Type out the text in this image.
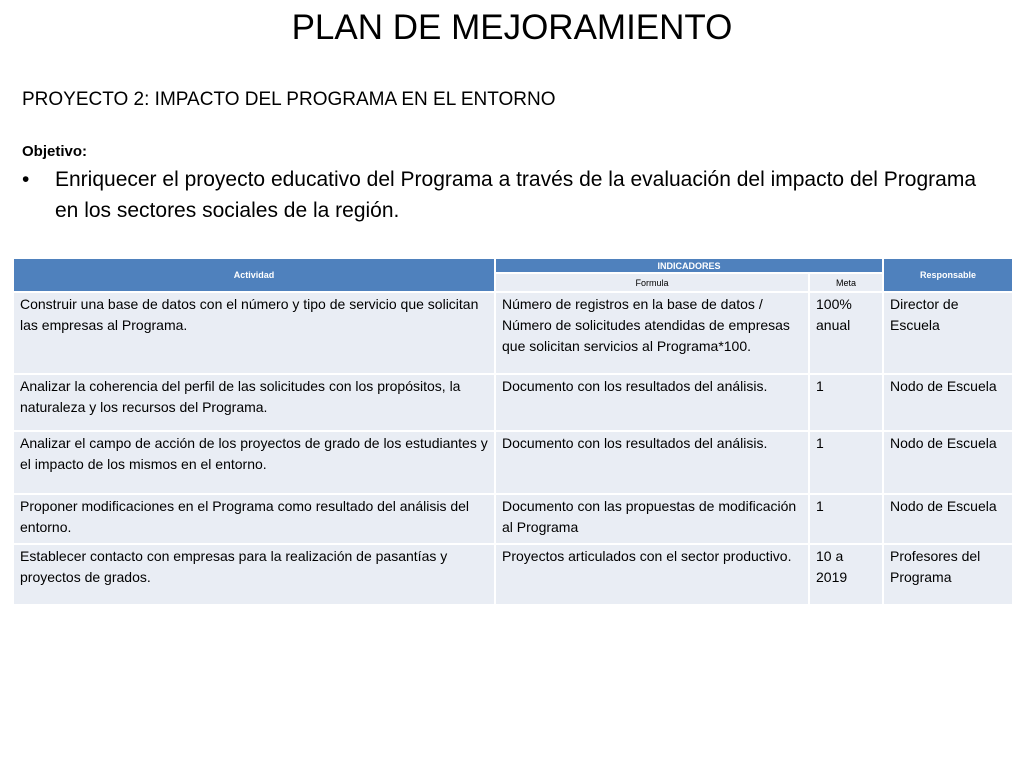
PLAN DE MEJORAMIENTO
PROYECTO 2: IMPACTO DEL PROGRAMA EN EL ENTORNO
Objetivo:
• Enriquecer el proyecto educativo del Programa a través de la evaluación del impacto del Programa en los sectores sociales de la región.
Actividad	INDICADORES		Responsable
	Formula	Meta	
Construir una base de datos con el número y tipo de servicio que solicitan las empresas al Programa.	Número de registros en la base de datos / Número de solicitudes atendidas de empresas que solicitan servicios al Programa*100.	100% anual	Director de Escuela
Analizar la coherencia del perfil de las solicitudes con los propósitos, la naturaleza y los recursos del Programa.	Documento con los resultados del análisis.	1	Nodo de Escuela
Analizar el campo de acción de los proyectos de grado de los estudiantes y el impacto de los mismos en el entorno.	Documento con los resultados del análisis.	1	Nodo de Escuela
Proponer modificaciones en el Programa como resultado del análisis del entorno.	Documento con las propuestas de modificación al Programa	1	Nodo de Escuela
Establecer contacto con empresas para la realización de pasantías y proyectos de grados.	Proyectos articulados con el sector productivo.	10 a 2019	Profesores del Programa
